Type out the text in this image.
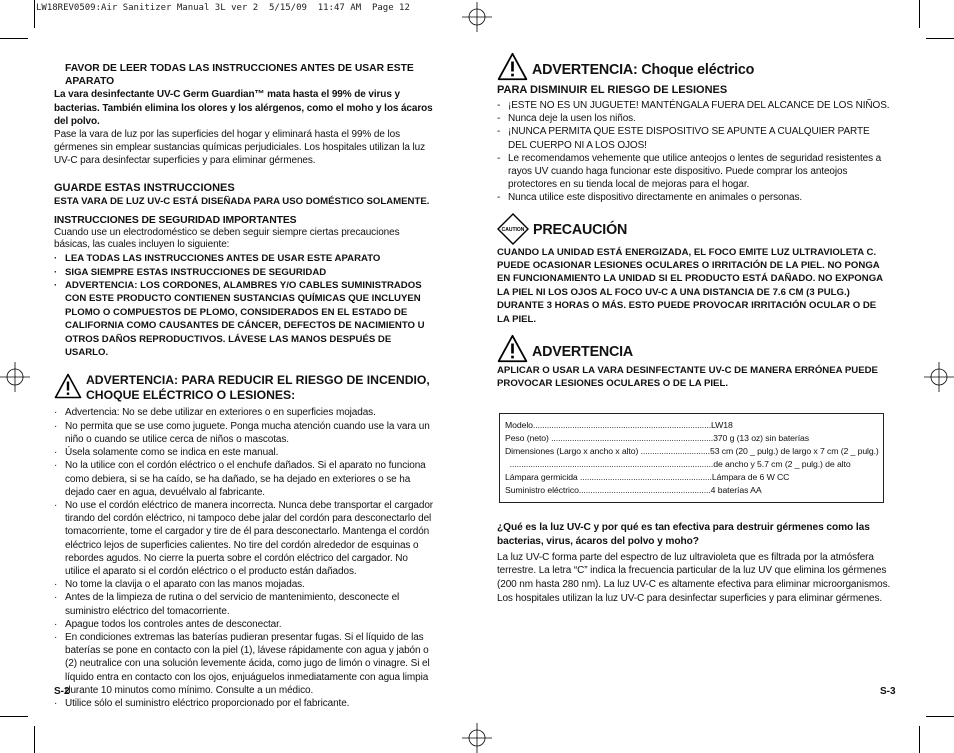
LW18REV0509:Air Sanitizer Manual 3L ver 2  5/15/09  11:47 AM  Page 12

FAVOR DE LEER TODAS LAS INSTRUCCIONES ANTES DE USAR ESTE APARATO

La vara desinfectante UV-C Germ Guardian™ mata hasta el 99% de virus y bacterias. También elimina los olores y los alérgenos, como el moho y los ácaros del polvo.

Pase la vara de luz por las superficies del hogar y eliminará hasta el 99% de los gérmenes sin emplear sustancias químicas perjudiciales. Los hospitales utilizan la luz UV-C para desinfectar superficies y para eliminar gérmenes.

GUARDE ESTAS INSTRUCCIONES

ESTA VARA DE LUZ UV-C ESTÁ DISEÑADA PARA USO DOMÉSTICO SOLAMENTE.

INSTRUCCIONES DE SEGURIDAD IMPORTANTES

Cuando use un electrodoméstico se deben seguir siempre ciertas precauciones básicas, las cuales incluyen lo siguiente:

· LEA TODAS LAS INSTRUCCIONES ANTES DE USAR ESTE APARATO
· SIGA SIEMPRE ESTAS INSTRUCCIONES DE SEGURIDAD
· ADVERTENCIA: LOS CORDONES, ALAMBRES Y/O CABLES SUMINISTRADOS CON ESTE PRODUCTO CONTIENEN SUSTANCIAS QUÍMICAS QUE INCLUYEN PLOMO O COMPUESTOS DE PLOMO, CONSIDERADOS EN EL ESTADO DE CALIFORNIA COMO CAUSANTES DE CÁNCER, DEFECTOS DE NACIMIENTO U OTROS DAÑOS REPRODUCTIVOS. LÁVESE LAS MANOS DESPUÉS DE USARLO.

ADVERTENCIA: PARA REDUCIR EL RIESGO DE INCENDIO, CHOQUE ELÉCTRICO O LESIONES:

· Advertencia: No se debe utilizar en exteriores o en superficies mojadas.
· No permita que se use como juguete. Ponga mucha atención cuando use la vara un niño o cuando se utilice cerca de niños o mascotas.
· Úsela solamente como se indica en este manual.
· No la utilice con el cordón eléctrico o el enchufe dañados. Si el aparato no funciona como debiera, si se ha caído, se ha dañado, se ha dejado en exteriores o se ha dejado caer en agua, devuélvalo al fabricante.
· No use el cordón eléctrico de manera incorrecta. Nunca debe transportar el cargador tirando del cordón eléctrico, ni tampoco debe jalar del cordón para desconectarlo del tomacorriente, tome el cargador y tire de él para desconectarlo. Mantenga el cordón eléctrico lejos de superficies calientes. No tire del cordón alrededor de esquinas o rebordes agudos. No cierre la puerta sobre el cordón eléctrico del cargador. No utilice el aparato si el cordón eléctrico o el producto están dañados.
· No tome la clavija o el aparato con las manos mojadas.
· Antes de la limpieza de rutina o del servicio de mantenimiento, desconecte el suministro eléctrico del tomacorriente.
· Apague todos los controles antes de desconectar.
· En condiciones extremas las baterías pudieran presentar fugas. Si el líquido de las baterías se pone en contacto con la piel (1), lávese rápidamente con agua y jabón o (2) neutralice con una solución levemente ácida, como jugo de limón o vinagre. Si el líquido entra en contacto con los ojos, enjuáguelos inmediatamente con agua limpia durante 10 minutos como mínimo. Consulte a un médico.
· Utilice sólo el suministro eléctrico proporcionado por el fabricante.
S-2

ADVERTENCIA: Choque eléctrico

PARA DISMINUIR EL RIESGO DE LESIONES

- ¡ESTE NO ES UN JUGUETE! MANTÉNGALA FUERA DEL ALCANCE DE LOS NIÑOS.
- Nunca deje la usen los niños.
- ¡NUNCA PERMITA QUE ESTE DISPOSITIVO SE APUNTE A CUALQUIER PARTE DEL CUERPO NI A LOS OJOS!
- Le recomendamos vehemente que utilice anteojos o lentes de seguridad resistentes a rayos UV cuando haga funcionar este dispositivo. Puede comprar los anteojos protectores en su tienda local de mejoras para el hogar.
- Nunca utilice este dispositivo directamente en animales o personas.
CAUTION PRECAUCIÓN

CUANDO LA UNIDAD ESTÁ ENERGIZADA, EL FOCO EMITE LUZ ULTRAVIOLETA C. PUEDE OCASIONAR LESIONES OCULARES O IRRITACIÓN DE LA PIEL. NO PONGA EN FUNCIONAMIENTO LA UNIDAD SI EL PRODUCTO ESTÁ DAÑADO. NO EXPONGA LA PIEL NI LOS OJOS AL FOCO UV-C A UNA DISTANCIA DE 7.6 CM (3 PULG.) DURANTE 3 HORAS O MÁS. ESTO PUEDE PROVOCAR IRRITACIÓN OCULAR O DE LA PIEL.

ADVERTENCIA

APLICAR O USAR LA VARA DESINFECTANTE UV-C DE MANERA ERRÓNEA PUEDE PROVOCAR LESIONES OCULARES O DE LA PIEL.

Modelo.............................................................................LW18
Peso (neto) ......................................................................370 g (13 oz) sin baterías
Dimensiones (Largo x ancho x alto) ..............................53 cm (20 _ pulg.) de largo x 7 cm (2 _ pulg.)
........................................................................................de ancho y 5.7 cm (2 _ pulg.) de alto
Lámpara germicida .........................................................Lámpara de 6 W CC
Suministro eléctrico.........................................................4 baterías AA

¿Qué es la luz UV-C y por qué es tan efectiva para destruir gérmenes como las bacterias, virus, ácaros del polvo y moho?

La luz UV-C forma parte del espectro de luz ultravioleta que es filtrada por la atmósfera terrestre. La letra “C” indica la frecuencia particular de la luz UV que elimina los gérmenes (200 nm hasta 280 nm). La luz UV-C es altamente efectiva para eliminar microorganismos. Los hospitales utilizan la luz UV-C para desinfectar superficies y para eliminar gérmenes.

S-3
